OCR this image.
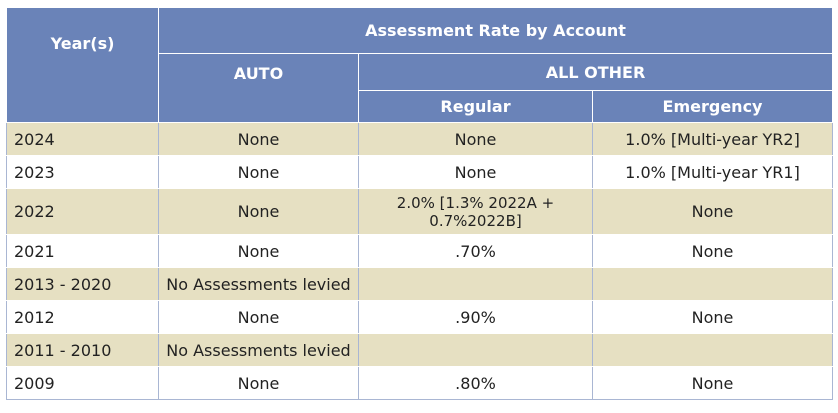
Year(s)	Assessment Rate by Account		
	AUTO	ALL OTHER	
		Regular	Emergency
2024	None	None	1.0% [Multi-year YR2]
2023	None	None	1.0% [Multi-year YR1]
2022	None	2.0% [1.3% 2022A + 0.7%2022B]	None
2021	None	.70%	None
2013 - 2020	No Assessments levied		
2012	None	.90%	None
2011 - 2010	No Assessments levied		
2009	None	.80%	None
